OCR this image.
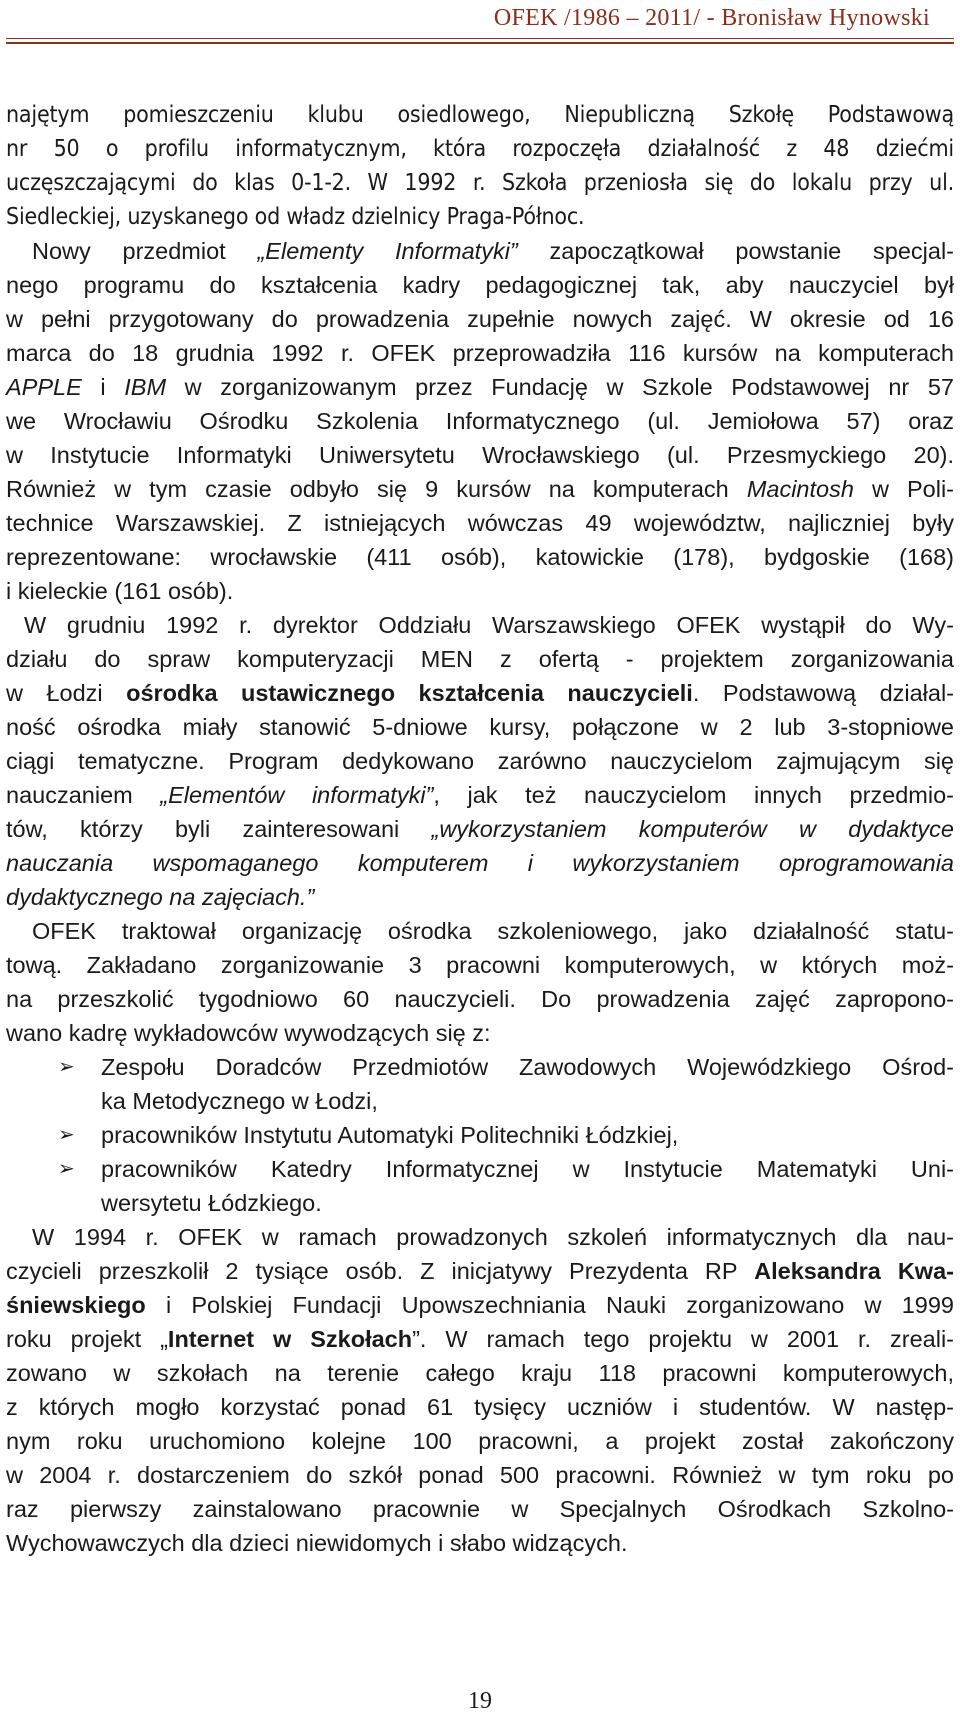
OFEK /1986 – 2011/ - Bronisław Hynowski
najętym pomieszczeniu klubu osiedlowego, Niepubliczną Szkołę Podstawową
nr 50 o profilu informatycznym, która rozpoczęła działalność z 48 dziećmi
uczęszczającymi do klas 0-1-2. W 1992 r. Szkoła przeniosła się do lokalu przy ul.
Siedleckiej, uzyskanego od władz dzielnicy Praga-Północ.
Nowy przedmiot „Elementy Informatyki” zapoczątkował powstanie specjal-
nego programu do kształcenia kadry pedagogicznej tak, aby nauczyciel był
w pełni przygotowany do prowadzenia zupełnie nowych zajęć. W okresie od 16
marca do 18 grudnia 1992 r. OFEK przeprowadziła 116 kursów na komputerach
APPLE i IBM w zorganizowanym przez Fundację w Szkole Podstawowej nr 57
we Wrocławiu Ośrodku Szkolenia Informatycznego (ul. Jemiołowa 57) oraz
w Instytucie Informatyki Uniwersytetu Wrocławskiego (ul. Przesmyckiego 20).
Również w tym czasie odbyło się 9 kursów na komputerach Macintosh w Poli-
technice Warszawskiej. Z istniejących wówczas 49 województw, najliczniej były
reprezentowane: wrocławskie (411 osób), katowickie (178), bydgoskie (168)
i kieleckie (161 osób).
W grudniu 1992 r. dyrektor Oddziału Warszawskiego OFEK wystąpił do Wy-
działu do spraw komputeryzacji MEN z ofertą - projektem zorganizowania
w Łodzi ośrodka ustawicznego kształcenia nauczycieli. Podstawową działal-
ność ośrodka miały stanowić 5-dniowe kursy, połączone w 2 lub 3-stopniowe
ciągi tematyczne. Program dedykowano zarówno nauczycielom zajmującym się
nauczaniem „Elementów informatyki”, jak też nauczycielom innych przedmio-
tów, którzy byli zainteresowani „wykorzystaniem komputerów w dydaktyce
nauczania wspomaganego komputerem i wykorzystaniem oprogramowania
dydaktycznego na zajęciach.”
OFEK traktował organizację ośrodka szkoleniowego, jako działalność statu-
tową. Zakładano zorganizowanie 3 pracowni komputerowych, w których moż-
na przeszkolić tygodniowo 60 nauczycieli. Do prowadzenia zajęć zapropono-
wano kadrę wykładowców wywodzących się z:
➢	Zespołu Doradców Przedmiotów Zawodowych Wojewódzkiego Ośrod-
ka Metodycznego w Łodzi,
➢ pracowników Instytutu Automatyki Politechniki Łódzkiej,
➢	pracowników Katedry Informatycznej w Instytucie Matematyki Uni-
wersytetu Łódzkiego.
W 1994 r. OFEK w ramach prowadzonych szkoleń informatycznych dla nau-
czycieli przeszkolił 2 tysiące osób. Z inicjatywy Prezydenta RP Aleksandra Kwa-
śniewskiego i Polskiej Fundacji Upowszechniania Nauki zorganizowano w 1999
roku projekt „Internet w Szkołach”. W ramach tego projektu w 2001 r. zreali-
zowano w szkołach na terenie całego kraju 118 pracowni komputerowych,
z których mogło korzystać ponad 61 tysięcy uczniów i studentów. W następ-
nym roku uruchomiono kolejne 100 pracowni, a projekt został zakończony
w 2004 r. dostarczeniem do szkół ponad 500 pracowni. Również w tym roku po
raz pierwszy zainstalowano pracownie w Specjalnych Ośrodkach Szkolno-
Wychowawczych dla dzieci niewidomych i słabo widzących.
19
